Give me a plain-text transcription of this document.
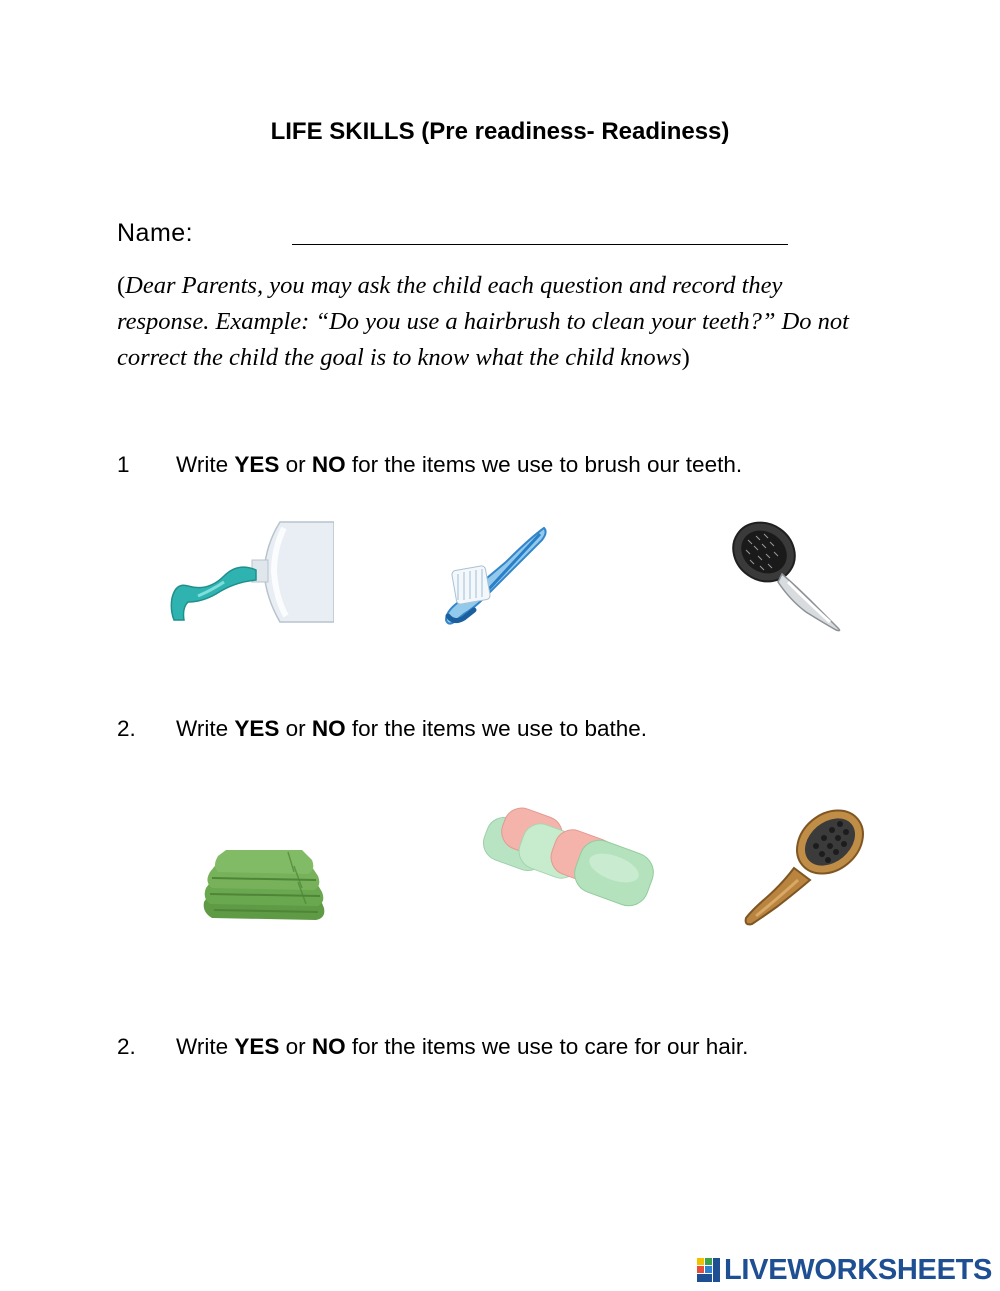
LIFE SKILLS (Pre readiness- Readiness)
Name:
(Dear Parents, you may ask the child each question and record they response. Example: “Do you use a hairbrush to clean your teeth?” Do not correct the child the goal is to know what the child knows)
1	Write YES or NO for the items we use to brush our teeth.
2.	Write YES or NO for the items we use to bathe.
2.	Write YES or NO for the items we use to care for our hair.
LIVEWORKSHEETS
